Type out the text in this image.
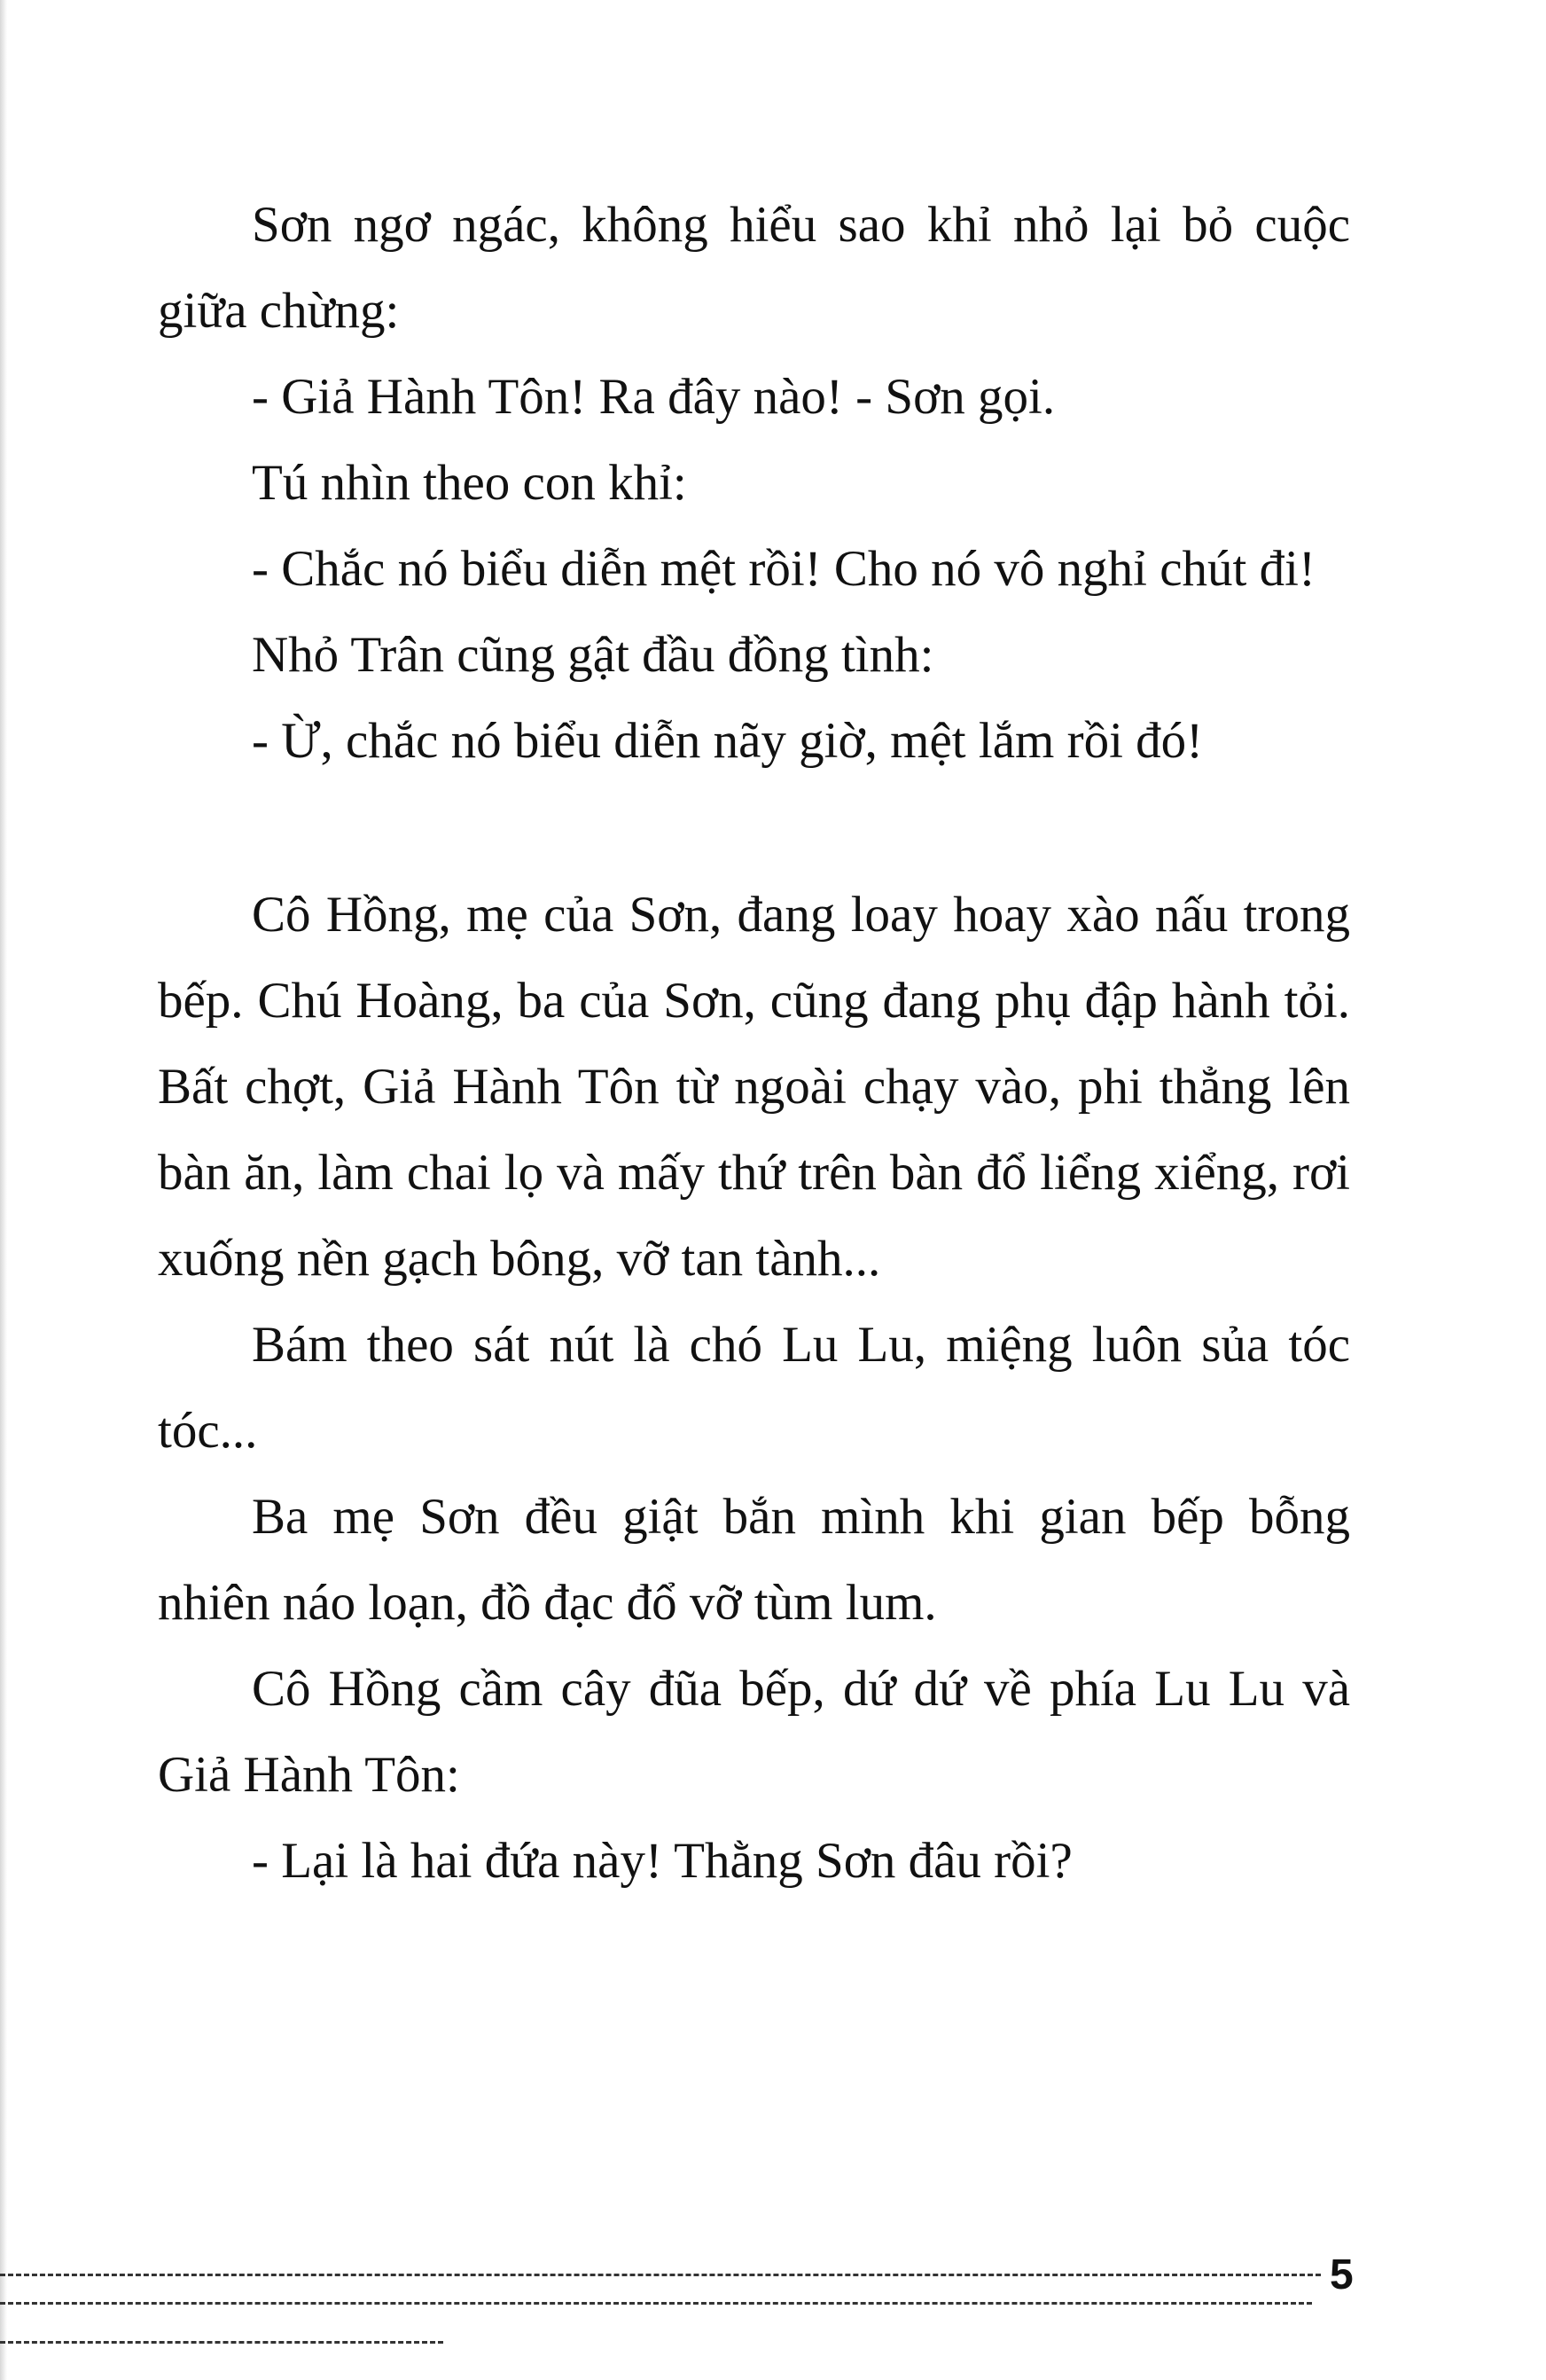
Sơn ngơ ngác, không hiểu sao khỉ nhỏ lại bỏ cuộc giữa chừng:

- Giả Hành Tôn! Ra đây nào! - Sơn gọi.

Tú nhìn theo con khỉ:

- Chắc nó biểu diễn mệt rồi! Cho nó vô nghỉ chút đi!

Nhỏ Trân cũng gật đầu đồng tình:

- Ừ, chắc nó biểu diễn nãy giờ, mệt lắm rồi đó!

Cô Hồng, mẹ của Sơn, đang loay hoay xào nấu trong bếp. Chú Hoàng, ba của Sơn, cũng đang phụ đập hành tỏi. Bất chợt, Giả Hành Tôn từ ngoài chạy vào, phi thẳng lên bàn ăn, làm chai lọ và mấy thứ trên bàn đổ liểng xiểng, rơi xuống nền gạch bông, vỡ tan tành...

Bám theo sát nút là chó Lu Lu, miệng luôn sủa tóc tóc...

Ba mẹ Sơn đều giật bắn mình khi gian bếp bỗng nhiên náo loạn, đồ đạc đổ vỡ tùm lum.

Cô Hồng cầm cây đũa bếp, dứ dứ về phía Lu Lu và Giả Hành Tôn:

- Lại là hai đứa này! Thằng Sơn đâu rồi?

5
